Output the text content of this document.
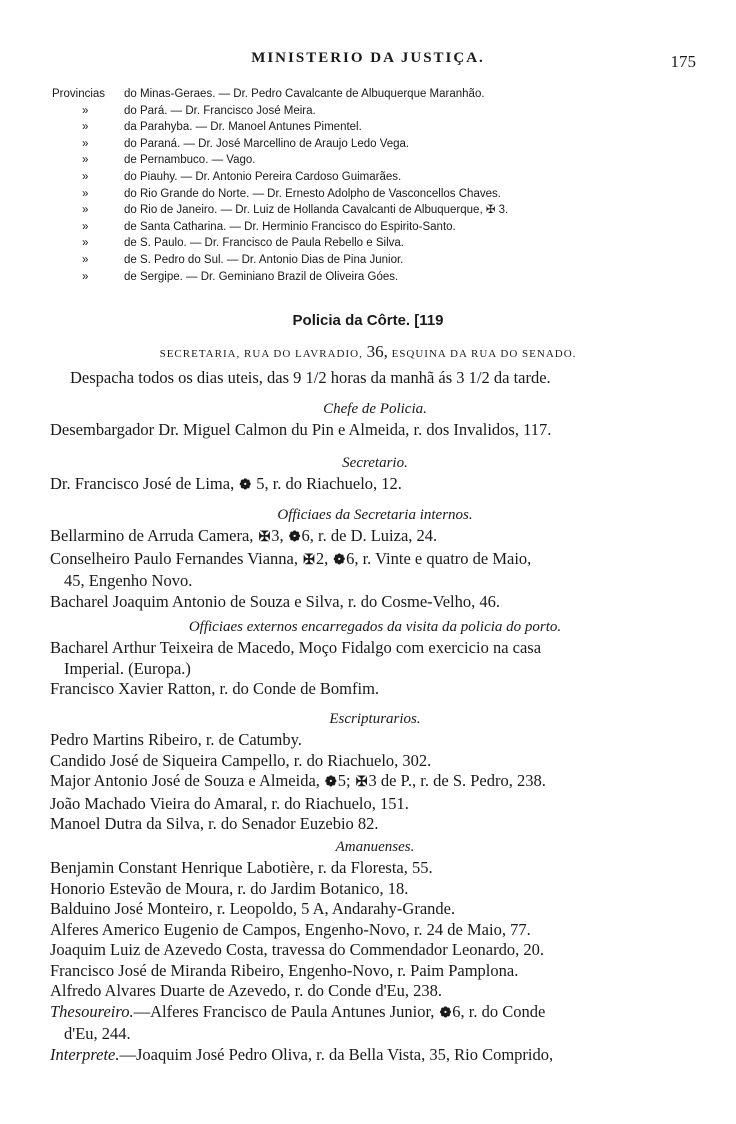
MINISTERIO DA JUSTIÇA.	175
Provincias	do Minas-Geraes. — Dr. Pedro Cavalcante de Albuquerque Maranhão.
»	do Pará. — Dr. Francisco José Meira.
»	da Parahyba. — Dr. Manoel Antunes Pimentel.
»	do Paraná. — Dr. José Marcellino de Araujo Ledo Vega.
»	de Pernambuco. — Vago.
»	do Piauhy. — Dr. Antonio Pereira Cardoso Guimarães.
»	do Rio Grande do Norte. — Dr. Ernesto Adolpho de Vasconcellos Chaves.
»	do Rio de Janeiro. — Dr. Luiz de Hollanda Cavalcanti de Albuquerque, ✠ 3.
»	de Santa Catharina. — Dr. Herminio Francisco do Espirito-Santo.
»	de S. Paulo. — Dr. Francisco de Paula Rebello e Silva.
»	de S. Pedro do Sul. — Dr. Antonio Dias de Pina Junior.
»	de Sergipe. — Dr. Geminiano Brazil de Oliveira Góes.
Policia da Côrte. [119
SECRETARIA, RUA DO LAVRADIO, 36, ESQUINA DA RUA DO SENADO.
Despacha todos os dias uteis, das 9 1/2 horas da manhã ás 3 1/2 da tarde.
Chefe de Policia.
Desembargador Dr. Miguel Calmon du Pin e Almeida, r. dos Invalidos, 117.
Secretario.
Dr. Francisco José de Lima, ❁ 5, r. do Riachuelo, 12.
Officiaes da Secretaria internos.
Bellarmino de Arruda Camera, ✠3, ❁6, r. de D. Luiza, 24.
Conselheiro Paulo Fernandes Vianna, ✠2, ❁6, r. Vinte e quatro de Maio,
45, Engenho Novo.
Bacharel Joaquim Antonio de Souza e Silva, r. do Cosme-Velho, 46.
Officiaes externos encarregados da visita da policia do porto.
Bacharel Arthur Teixeira de Macedo, Moço Fidalgo com exercicio na casa
Imperial. (Europa.)
Francisco Xavier Ratton, r. do Conde de Bomfim.
Escripturarios.
Pedro Martins Ribeiro, r. de Catumby.
Candido José de Siqueira Campello, r. do Riachuelo, 302.
Major Antonio José de Souza e Almeida, ❁5; ✠3 de P., r. de S. Pedro, 238.
João Machado Vieira do Amaral, r. do Riachuelo, 151.
Manoel Dutra da Silva, r. do Senador Euzebio 82.
Amanuenses.
Benjamin Constant Henrique Labotière, r. da Floresta, 55.
Honorio Estevão de Moura, r. do Jardim Botanico, 18.
Balduino José Monteiro, r. Leopoldo, 5 A, Andarahy-Grande.
Alferes Americo Eugenio de Campos, Engenho-Novo, r. 24 de Maio, 77.
Joaquim Luiz de Azevedo Costa, travessa do Commendador Leonardo, 20.
Francisco José de Miranda Ribeiro, Engenho-Novo, r. Paim Pamplona.
Alfredo Alvares Duarte de Azevedo, r. do Conde d'Eu, 238.
Thesoureiro.—Alferes Francisco de Paula Antunes Junior, ❁6, r. do Conde
d'Eu, 244.
Interprete.—Joaquim José Pedro Oliva, r. da Bella Vista, 35, Rio Comprido,
